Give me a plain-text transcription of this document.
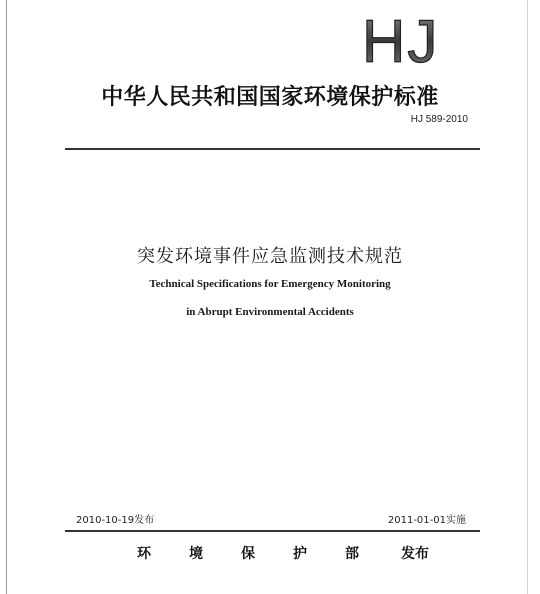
HJ
中华人民共和国国家环境保护标准
HJ 589-2010
突发环境事件应急监测技术规范
Technical Specifications for Emergency Monitoring
in Abrupt Environmental Accidents
2010-10-19发布	2011-01-01实施
环	境	保	护	部	发布
